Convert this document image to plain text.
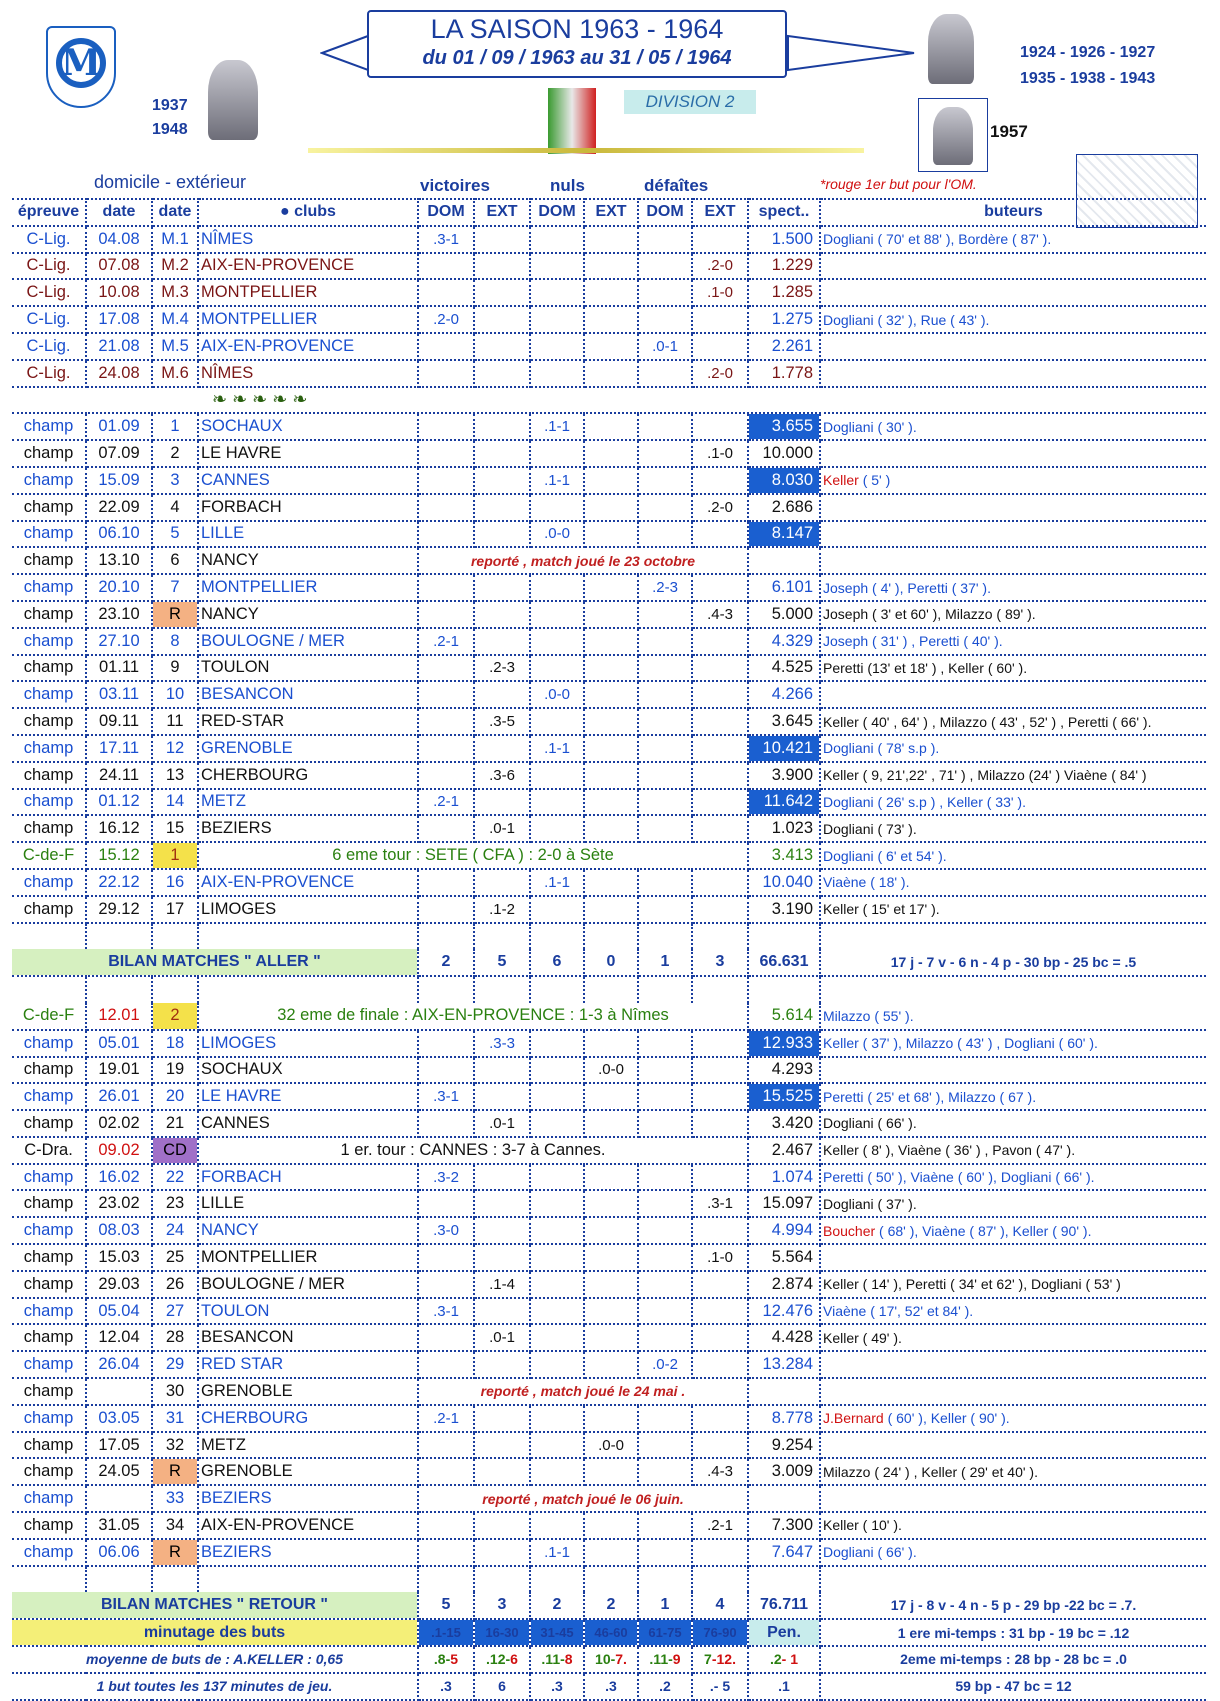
M
1937
1948
LA SAISON 1963 - 1964
du 01 / 09 / 1963 au 31 / 05 / 1964	1924 - 1926 - 1927
1935 - 1938 - 1943
1957
DIVISION 2
domicile - extérieur	victoires	nuls	défaîtes	*rouge 1er but pour l'OM.
épreuve	date	date	● clubs	DOM	EXT	DOM	EXT	DOM	EXT	spect..	buteurs
C-Lig.	04.08	M.1	NÎMES	.3-1						1.500	Dogliani ( 70' et 88' ), Bordère ( 87' ).
C-Lig.	07.08	M.2	AIX-EN-PROVENCE						.2-0	1.229	
C-Lig.	10.08	M.3	MONTPELLIER						.1-0	1.285	
C-Lig.	17.08	M.4	MONTPELLIER	.2-0						1.275	Dogliani ( 32' ), Rue ( 43' ).
C-Lig.	21.08	M.5	AIX-EN-PROVENCE					.0-1		2.261	
C-Lig.	24.08	M.6	NÎMES						.2-0	1.778	
❧ ❧ ❧ ❧ ❧											
champ	01.09	1	SOCHAUX			.1-1				3.655	Dogliani ( 30' ).
champ	07.09	2	LE HAVRE						.1-0	10.000	
champ	15.09	3	CANNES			.1-1				8.030	Keller ( 5' )
champ	22.09	4	FORBACH						.2-0	2.686	
champ	06.10	5	LILLE			.0-0				8.147	
champ	13.10	6	NANCY	reporté , match joué le 23 octobre							
champ	20.10	7	MONTPELLIER					.2-3		6.101	Joseph ( 4' ), Peretti ( 37' ).
champ	23.10	R	NANCY						.4-3	5.000	Joseph ( 3' et 60' ), Milazzo ( 89' ).
champ	27.10	8	BOULOGNE / MER	.2-1						4.329	Joseph ( 31' ) , Peretti ( 40' ).
champ	01.11	9	TOULON		.2-3					4.525	Peretti (13' et 18' ) , Keller ( 60' ).
champ	03.11	10	BESANCON			.0-0				4.266	
champ	09.11	11	RED-STAR		.3-5					3.645	Keller ( 40' , 64' ) , Milazzo ( 43' , 52' ) , Peretti ( 66' ).
champ	17.11	12	GRENOBLE			.1-1				10.421	Dogliani ( 78' s.p ).
champ	24.11	13	CHERBOURG		.3-6					3.900	Keller ( 9, 21',22' , 71' ) , Milazzo (24' ) Viaène ( 84' )
champ	01.12	14	METZ	.2-1						11.642	Dogliani ( 26' s.p ) , Keller ( 33' ).
champ	16.12	15	BEZIERS		.0-1					1.023	Dogliani ( 73' ).
C-de-F	15.12	1	6 eme tour : SETE ( CFA ) : 2-0 à Sète							3.413	Dogliani ( 6' et 54' ).
champ	22.12	16	AIX-EN-PROVENCE			.1-1				10.040	Viaène ( 18' ).
champ	29.12	17	LIMOGES		.1-2					3.190	Keller ( 15' et 17' ).

BILAN MATCHES " ALLER "				2	5	6	0	1	3	66.631	17 j - 7 v - 6 n - 4 p - 30 bp - 25 bc = .5

C-de-F	12.01	2	32 eme de finale : AIX-EN-PROVENCE : 1-3 à Nîmes							5.614	Milazzo ( 55' ).
champ	05.01	18	LIMOGES		.3-3					12.933	Keller ( 37' ), Milazzo ( 43' ) , Dogliani ( 60' ).
champ	19.01	19	SOCHAUX				.0-0			4.293	
champ	26.01	20	LE HAVRE	.3-1						15.525	Peretti ( 25' et 68' ), Milazzo ( 67 ).
champ	02.02	21	CANNES		.0-1					3.420	Dogliani ( 66' ).
C-Dra.	09.02	CD	1 er. tour : CANNES : 3-7 à Cannes.							2.467	Keller ( 8' ), Viaène ( 36' ) , Pavon ( 47' ).
champ	16.02	22	FORBACH	.3-2						1.074	Peretti ( 50' ), Viaène ( 60' ), Dogliani ( 66' ).
champ	23.02	23	LILLE						.3-1	15.097	Dogliani ( 37' ).
champ	08.03	24	NANCY	.3-0						4.994	Boucher ( 68' ), Viaène ( 87' ), Keller ( 90' ).
champ	15.03	25	MONTPELLIER						.1-0	5.564	
champ	29.03	26	BOULOGNE / MER		.1-4					2.874	Keller ( 14' ), Peretti ( 34' et 62' ), Dogliani ( 53' )
champ	05.04	27	TOULON	.3-1						12.476	Viaène ( 17', 52' et 84' ).
champ	12.04	28	BESANCON		.0-1					4.428	Keller ( 49' ).
champ	26.04	29	RED STAR					.0-2		13.284	
champ		30	GRENOBLE	reporté , match joué le 24 mai .							
champ	03.05	31	CHERBOURG	.2-1						8.778	J.Bernard ( 60' ), Keller ( 90' ).
champ	17.05	32	METZ				.0-0			9.254	
champ	24.05	R	GRENOBLE						.4-3	3.009	Milazzo ( 24' ) , Keller ( 29' et 40' ).
champ		33	BEZIERS	reporté , match joué le 06 juin.							
champ	31.05	34	AIX-EN-PROVENCE						.2-1	7.300	Keller ( 10' ).
champ	06.06	R	BEZIERS			.1-1				7.647	Dogliani ( 66' ).

BILAN MATCHES " RETOUR "				5	3	2	2	1	4	76.711	17 j - 8 v - 4 n - 5 p - 29 bp -22 bc = .7.
minutage des buts				.1-15	16-30	31-45	46-60	61-75	76-90	Pen.	1 ere mi-temps : 31 bp - 19 bc = .12
moyenne de buts de : A.KELLER : 0,65				.8-5	.12-6	.11-8	10-7.	.11-9	7-12.	.2- 1	2eme mi-temps : 28 bp - 28 bc = .0
1 but toutes les 137 minutes de jeu.				.3	6	.3	.3	.2	.- 5	.1	59 bp - 47 bc = 12
